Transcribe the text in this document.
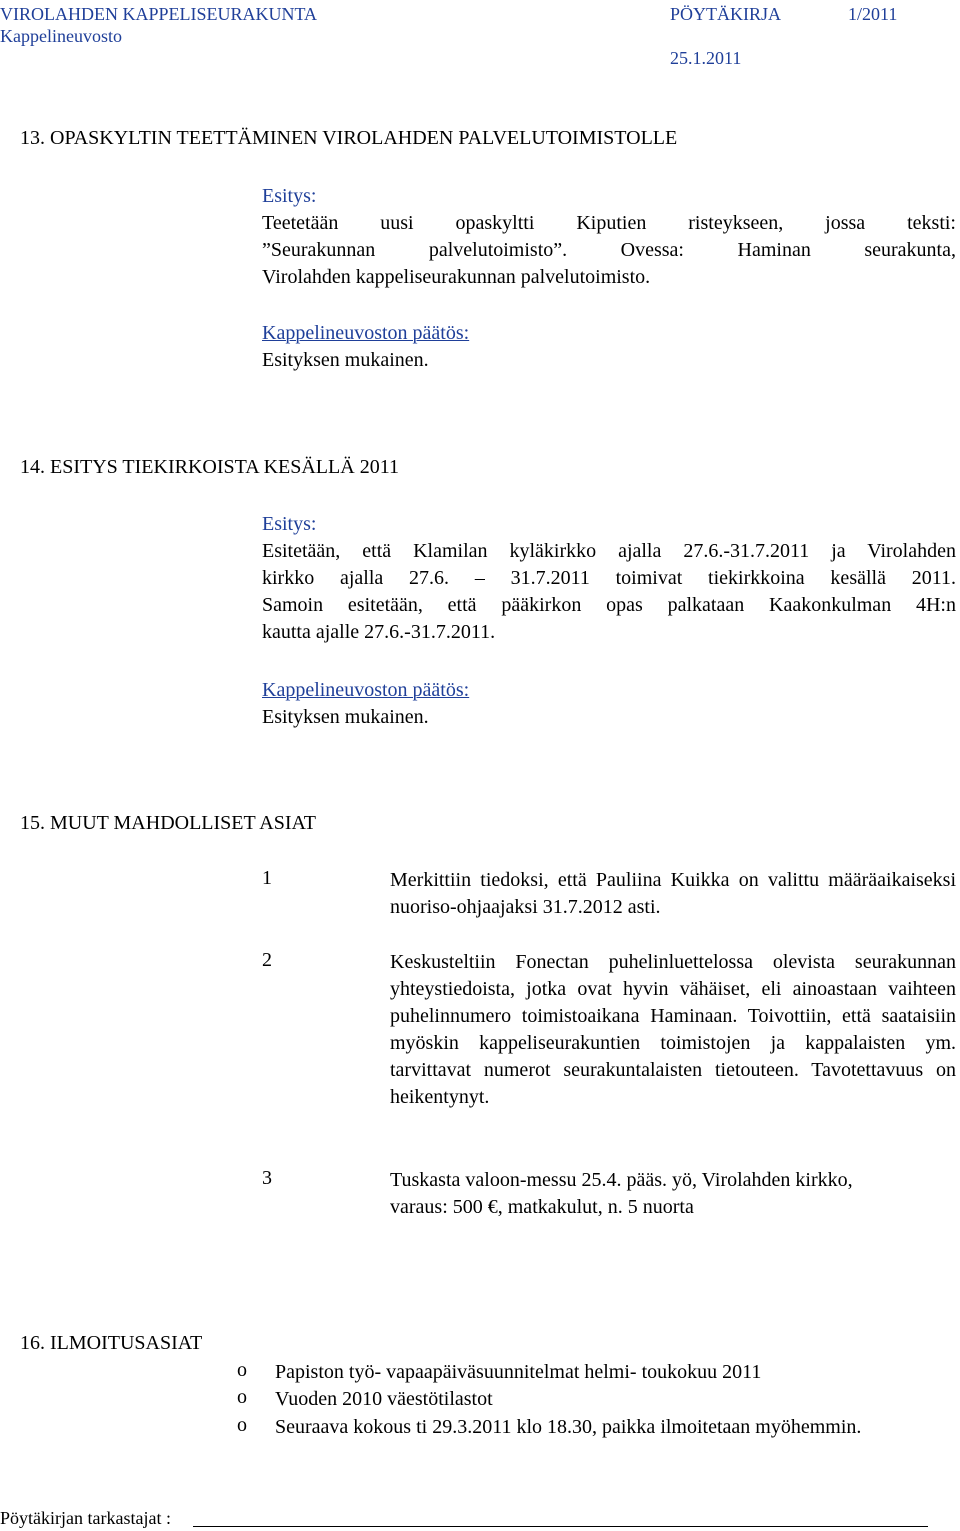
VIROLAHDEN KAPPELISEURAKUNTA	PÖYTÄKIRJA	1/2011
Kappelineuvosto
25.1.2011
13. OPASKYLTIN TEETTÄMINEN VIROLAHDEN PALVELUTOIMISTOLLE
Esitys:
Teetetään uusi opaskyltti Kiputien risteykseen, jossa teksti:
”Seurakunnan palvelutoimisto”. Ovessa: Haminan seurakunta,
Virolahden kappeliseurakunnan palvelutoimisto.
Kappelineuvoston päätös:
Esityksen mukainen.
14. ESITYS TIEKIRKOISTA KESÄLLÄ 2011
Esitys:
Esitetään, että Klamilan kyläkirkko ajalla 27.6.-31.7.2011 ja Virolahden
kirkko ajalla 27.6. – 31.7.2011 toimivat tiekirkkoina kesällä 2011.
Samoin esitetään, että pääkirkon opas palkataan Kaakonkulman 4H:n
kautta ajalle 27.6.-31.7.2011.
Kappelineuvoston päätös:
Esityksen mukainen.
15. MUUT MAHDOLLISET ASIAT
1	Merkittiin tiedoksi, että Pauliina Kuikka on valittu määräaikaiseksi nuoriso-ohjaajaksi 31.7.2012 asti.
2	Keskusteltiin Fonectan puhelinluettelossa olevista seurakunnan yhteystiedoista, jotka ovat hyvin vähäiset, eli ainoastaan vaihteen puhelinnumero toimistoaikana Haminaan. Toivottiin, että saataisiin myöskin kappeliseurakuntien toimistojen ja kappalaisten ym. tarvittavat numerot seurakuntalaisten tietouteen. Tavotettavuus on heikentynyt.
3	Tuskasta valoon-messu 25.4. pääs. yö, Virolahden kirkko,
varaus: 500 €, matkakulut, n. 5 nuorta
16. ILMOITUSASIAT
o Papiston työ- vapaapäiväsuunnitelmat helmi- toukokuu 2011
o Vuoden 2010 väestötilastot
o Seuraava kokous ti 29.3.2011 klo 18.30, paikka ilmoitetaan myöhemmin.
Pöytäkirjan tarkastajat :
